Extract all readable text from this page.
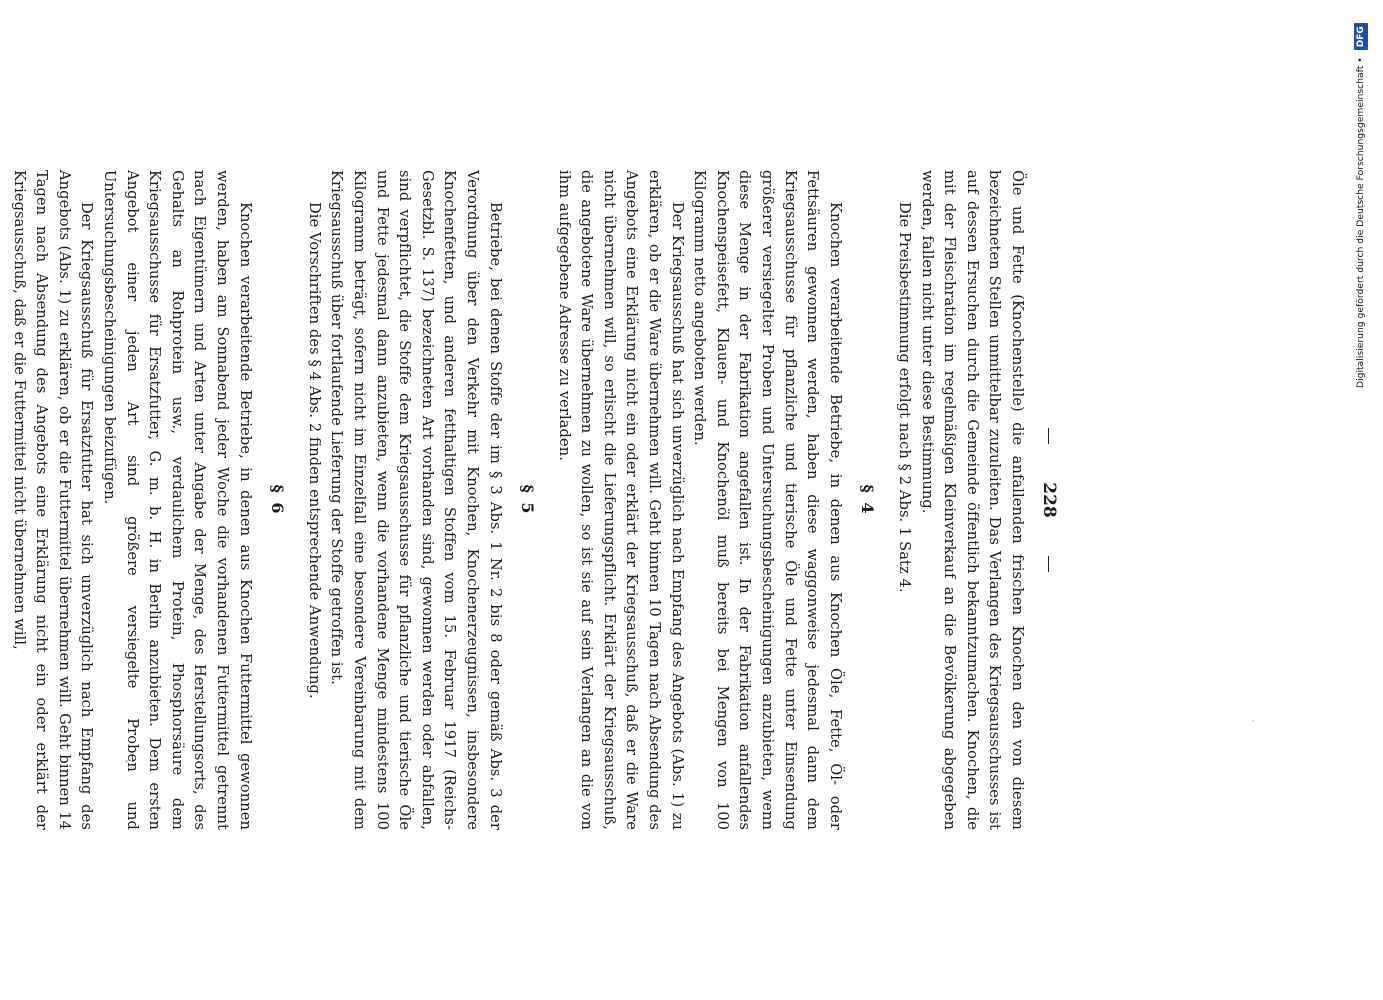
228

Öle und Fette (Knochenstelle) die anfallenden frischen Knochen den von diesem bezeichneten Stellen unmittelbar zuzuleiten. Das Verlangen des Kriegsausschusses ist auf dessen Ersuchen durch die Gemeinde öffentlich bekanntzumachen. Knochen, die mit der Fleischration im regelmäßigen Kleinverkauf an die Bevölkerung abgegeben werden, fallen nicht unter diese Bestimmung.

Die Preisbestimmung erfolgt nach § 2 Abs. 1 Satz 4.

§ 4

Knochen verarbeitende Betriebe, in denen aus Knochen Öle, Fette, Öl- oder Fettsäuren gewonnen werden, haben diese waggonweise jedesmal dann dem Kriegsausschusse für pflanzliche und tierische Öle und Fette unter Einsendung größerer versiegelter Proben und Untersuchungsbescheinigungen anzubieten, wenn diese Menge in der Fabrikation angefallen ist. In der Fabrikation anfallendes Knochenspeisefett, Klauen- und Knochenöl muß bereits bei Mengen von 100 Kilogramm netto angeboten werden.

Der Kriegsausschuß hat sich unverzüglich nach Empfang des Angebots (Abs. 1) zu erklären, ob er die Ware übernehmen will. Geht binnen 10 Tagen nach Absendung des Angebots eine Erklärung nicht ein oder erklärt der Kriegsausschuß, daß er die Ware nicht übernehmen will, so erlischt die Lieferungspflicht. Erklärt der Kriegsausschuß, die angebotene Ware übernehmen zu wollen, so ist sie auf sein Verlangen an die von ihm aufgegebene Adresse zu verladen.

§ 5

Betriebe, bei denen Stoffe der im § 3 Abs. 1 Nr. 2 bis 8 oder gemäß Abs. 3 der Verordnung über den Verkehr mit Knochen, Knochenerzeugnissen, insbesondere Knochenfetten, und anderen fetthaltigen Stoffen vom 15. Februar 1917 (Reichs-Gesetzbl. S. 137) bezeichneten Art vorhanden sind, gewonnen werden oder abfallen, sind verpflichtet, die Stoffe dem Kriegsausschusse für pflanzliche und tierische Öle und Fette jedesmal dann anzubieten, wenn die vorhandene Menge mindestens 100 Kilogramm beträgt, sofern nicht im Einzelfall eine besondere Vereinbarung mit dem Kriegsausschuß über fortlaufende Lieferung der Stoffe getroffen ist.

Die Vorschriften des § 4 Abs. 2 finden entsprechende Anwendung.

§ 6

Knochen verarbeitende Betriebe, in denen aus Knochen Futtermittel gewonnen werden, haben am Sonnabend jeder Woche die vorhandenen Futtermittel getrennt nach Eigentümern und Arten unter Angabe der Menge, des Herstellungsorts, des Gehalts an Rohprotein usw., verdaulichem Protein, Phosphorsäure dem Kriegsausschusse für Ersatzfutter, G. m. b. H. in Berlin anzubieten. Dem ersten Angebot einer jeden Art sind größere versiegelte Proben und Untersuchungsbescheinigungen beizufügen.

Der Kriegsausschuß für Ersatzfutter hat sich unverzüglich nach Empfang des Angebots (Abs. 1) zu erklären, ob er die Futtermittel übernehmen will. Geht binnen 14 Tagen nach Absendung des Angebots eine Erklärung nicht ein oder erklärt der Kriegsausschuß, daß er die Futtermittel nicht übernehmen will,	Digitalisierung gefördert durch die Deutsche Forschungsgemeinschaft
•
DFG
